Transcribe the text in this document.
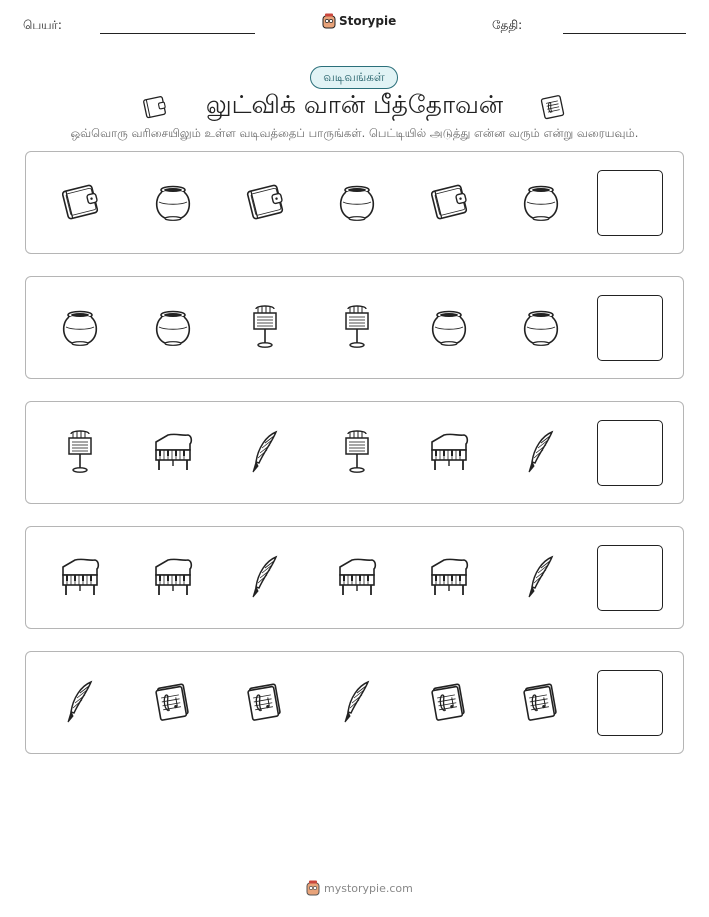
பெயர்:	Storypie	தேதி:
வடிவங்கள்
லுட்விக் வான் பீத்தோவன்
ஒவ்வொரு வரிசையிலும் உள்ள வடிவத்தைப் பாருங்கள். பெட்டியில் அடுத்து என்ன வரும் என்று வரையவும்.
mystorypie.com
